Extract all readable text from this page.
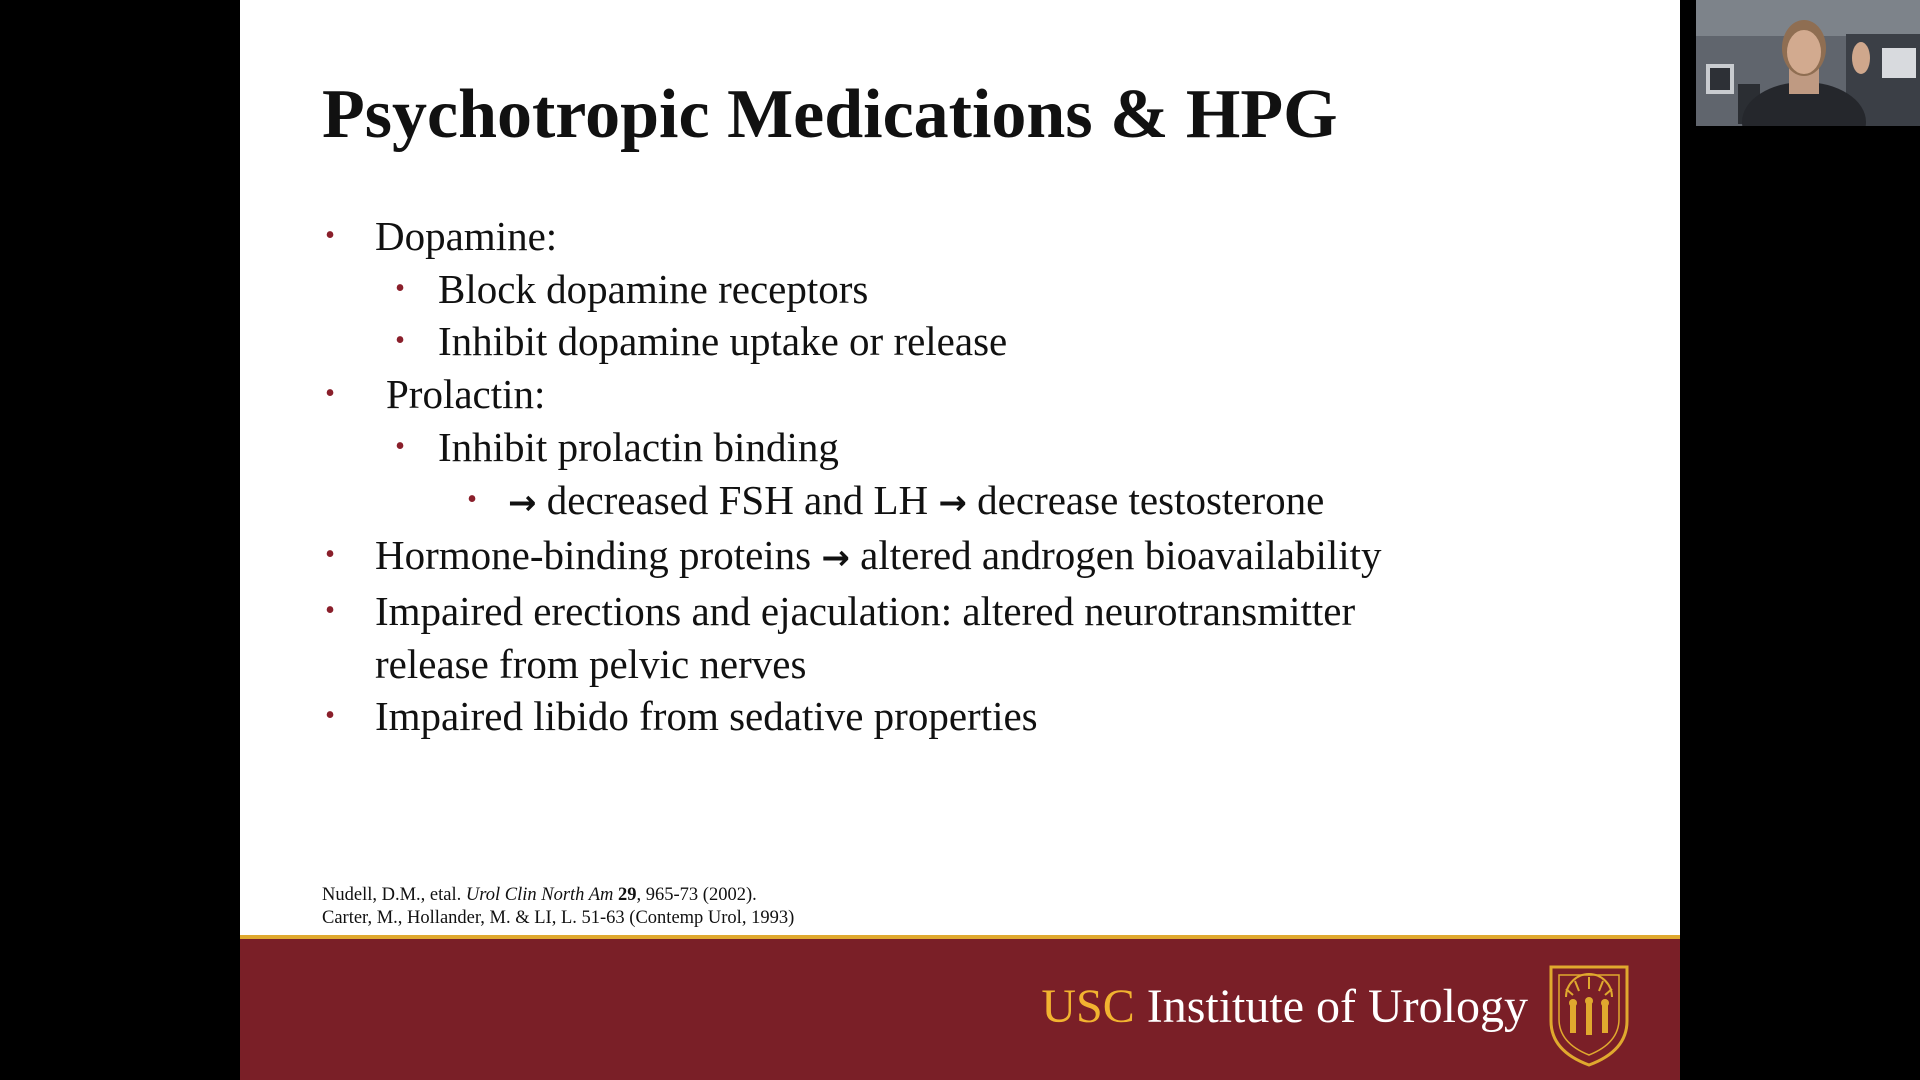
Psychotropic Medications & HPG
• Dopamine:
• Block dopamine receptors
• Inhibit dopamine uptake or release
• Prolactin:
• Inhibit prolactin binding
• → decreased FSH and LH → decrease testosterone
• Hormone-binding proteins → altered androgen bioavailability
• Impaired erections and ejaculation: altered neurotransmitter
release from pelvic nerves
• Impaired libido from sedative properties
Nudell, D.M., etal. Urol Clin North Am 29, 965-73 (2002).
Carter, M., Hollander, M. & LI, L. 51-63 (Contemp Urol, 1993)
USC Institute of Urology
